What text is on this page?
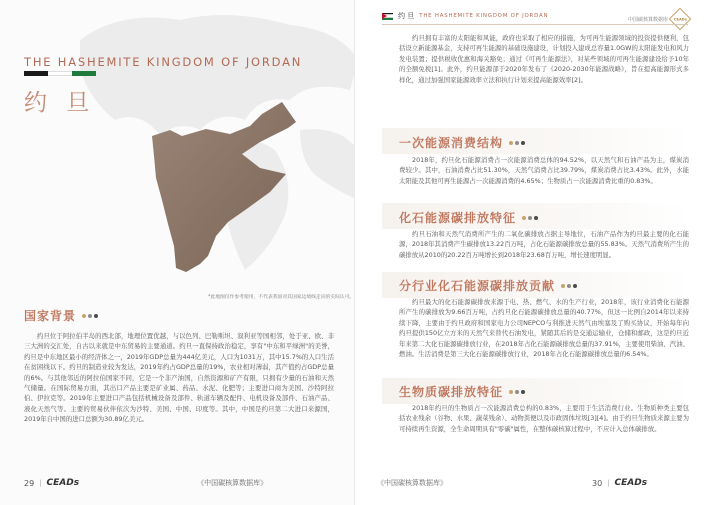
THE HASHEMITE KINGDOM OF JORDAN
约 旦
*此地图仅作参考使用，不代表我国对其国家边境线走向的实际认可。
国家背景

约旦位于阿拉伯半岛的西北部，地理位置优越，与以色列、巴勒斯坦、叙利亚等国相邻，处于亚、欧、非三大洲的交汇处，自古以来就是中东贸易的主要通道。约旦一直保持政治稳定，享有"中东和平绿洲"的美誉，约旦是中东地区最小的经济体之一，2019年GDP总量为444亿美元，人口为1031万，其中15.7%的人口生活在贫困线以下。约旦的制造业较为发达，2019年约占GDP总量的19%，农业相对薄弱，其产值约占GDP总量的6%。与其他邻近的阿拉伯国家不同，它是一个非产油国，自然资源和矿产有限，只拥有少量的石油和天然气储量。在国际贸易方面，其出口产品主要是矿业属、药品、水泥、化肥等；主要进口商为美国、沙特阿拉伯、伊拉克等。2019年主要进口产品包括机械设备及部件、轨道车辆及配件、电机设备及部件、石油产品、液化天然气等。主要的贸易伙伴依次为沙特、美国、中国、印度等。其中，中国是约旦第二大进口来源国，2019年自中国的进口总额为30.89亿美元。

29 | CEADs	《中国碳核算数据库》
约 旦 THE HASHEMITE KINGDOM OF JORDAN
中国碳核算数据库 CEADs

约旦拥有丰富的太阳能和风能，政府也采取了相应的措施，为可再生能源领域的投资提供便利，包括设立新能源基金，支持可再生能源的基础设施建设，计划投入建成总容量1.0GW的太阳能发电和风力发电装置；提供税收优惠和海关豁免；通过《可再生能源法》，对某些领域的可再生能源建设给予10年的全额免税[1]。此外，约旦能源部于2020年发布了《2020-2030年能源战略》，旨在提高能源形式多样化，通过加强国家能源效率立法和执行计划来提高能源效率[2]。

一次能源消费结构

2018年，约旦化石能源消费占一次能源消费总体的94.52%，以天然气和石油产品为主，煤炭消费较少。其中，石油消费占比51.30%，天然气消费占比39.79%，煤炭消费占比3.43%。此外，水能太阳能及其他可再生能源占一次能源消费的4.65%；生物质占一次能源消费比重的0.83%。

化石能源碳排放特征

约旦石油和天然气消费所产生的二氧化碳排放占据主导地位，石油产品作为约旦最主要的化石能源，2018年其消费产生碳排放13.22百万吨，占化石能源碳排放总量的55.83%。天然气消费所产生的碳排放从2010的20.22百万吨增长到2018年23.68百万吨，增长速度明显。

分行业化石能源碳排放贡献

约旦最大的化石能源碳排放来源于电、热、燃气、水的生产行业，2018年，该行业消费化石能源所产生的碳排放为9.66百万吨，占约旦化石能源碳排放总量的40.77%，但这一比例自2014年以来持续下降，主要由于约旦政府和国家电力公司NEPCO与利推进天然气由埃塞及了购买协议，开始每年向约旦提供150亿立方米的天然气来替代石油发电，紧随其后的是交通运输业，仓储和邮政，这是约旦近年来第二大化石能源碳排放行业，在2018年占化石能源碳排放总量的37.91%，主要使用柴油、汽油、燃油。生活消费是第三大化石能源碳排放行业，2018年占化石能源碳排放总量的6.54%。

生物质碳排放特征

2018年约旦的生物质占一次能源消费总构的0.83%，主要用于生活消费行业。生物质种类主要包括农业残余（谷物、水果、蔬菜残余）、动物粪便以及市政固体垃圾[3][4]。由于约旦生物质来源主要为可持续再生资源，全生命周期具有"零碳"属性，在整体碳核算过程中，不应计入总体碳排放。

《中国碳核算数据库》	30 | CEADs
